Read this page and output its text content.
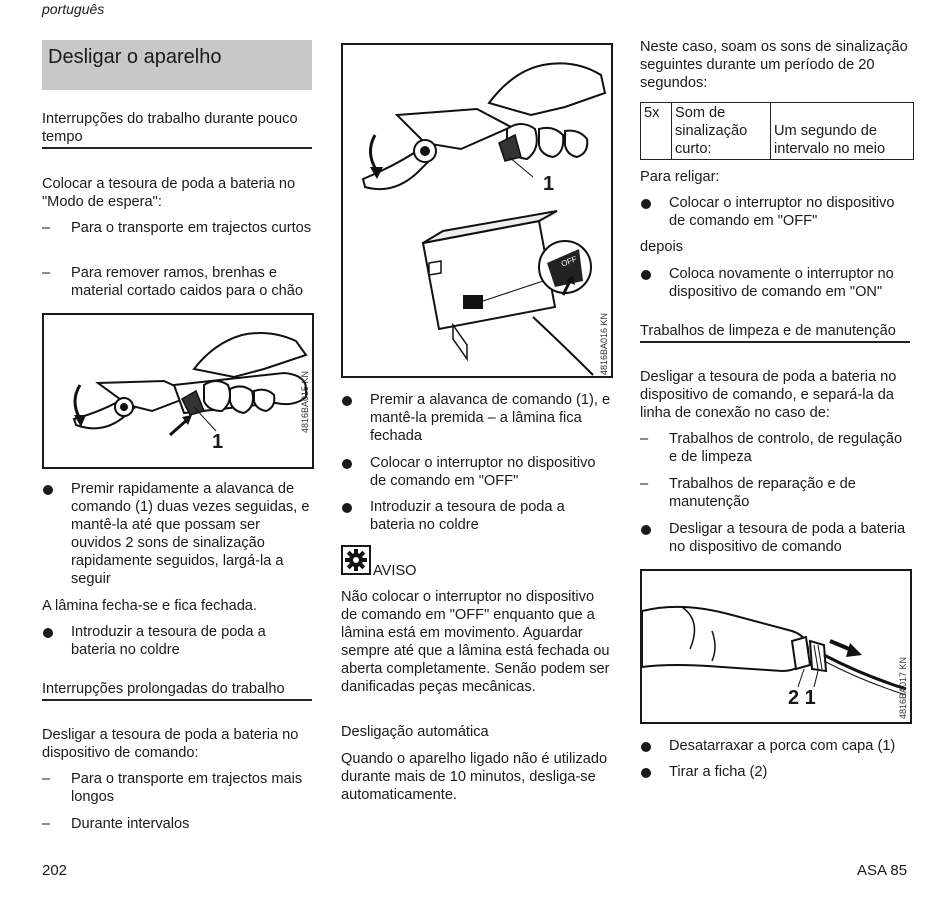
português
Desligar o aparelho
Interrupções do trabalho durante pouco tempo
Colocar a tesoura de poda a bateria no "Modo de espera":
–	Para o transporte em trajectos curtos
–	Para remover ramos, brenhas e material cortado caidos para o chão
1
4816BA015 KN
Premir rapidamente a alavanca de comando (1) duas vezes seguidas, e mantê-la até que possam ser ouvidos 2 sons de sinalização rapidamente seguidos, largá-la a seguir
A lâmina fecha-se e fica fechada.
Introduzir a tesoura de poda a bateria no coldre
Interrupções prolongadas do trabalho
Desligar a tesoura de poda a bateria no dispositivo de comando:
–	Para o transporte em trajectos mais longos
–	Durante intervalos
1
OFF
4816BA016 KN
Premir a alavanca de comando (1), e mantê-la premida – a lâmina fica fechada
Colocar o interruptor no dispositivo de comando em "OFF"
Introduzir a tesoura de poda a bateria no coldre
AVISO
Não colocar o interruptor no dispositivo de comando em "OFF" enquanto que a lâmina está em movimento. Aguardar sempre até que a lâmina está fechada ou aberta completamente. Senão podem ser danificadas peças mecânicas.
Desligação automática
Quando o aparelho ligado não é utilizado durante mais de 10 minutos, desliga-se automaticamente.
Neste caso, soam os sons de sinalização seguintes durante um período de 20 segundos:
5x	Som de sinalização curto:	Um segundo de intervalo no meio
Para religar:
Colocar o interruptor no dispositivo de comando em "OFF"
depois
Coloca novamente o interruptor no dispositivo de comando em "ON"
Trabalhos de limpeza e de manutenção
Desligar a tesoura de poda a bateria no dispositivo de comando, e separá-la da linha de conexão no caso de:
–	Trabalhos de controlo, de regulação e de limpeza
–	Trabalhos de reparação e de manutenção
Desligar a tesoura de poda a bateria no dispositivo de comando
2 1	4816BA017 KN
Desatarraxar a porca com capa (1)
Tirar a ficha (2)
202	ASA 85
